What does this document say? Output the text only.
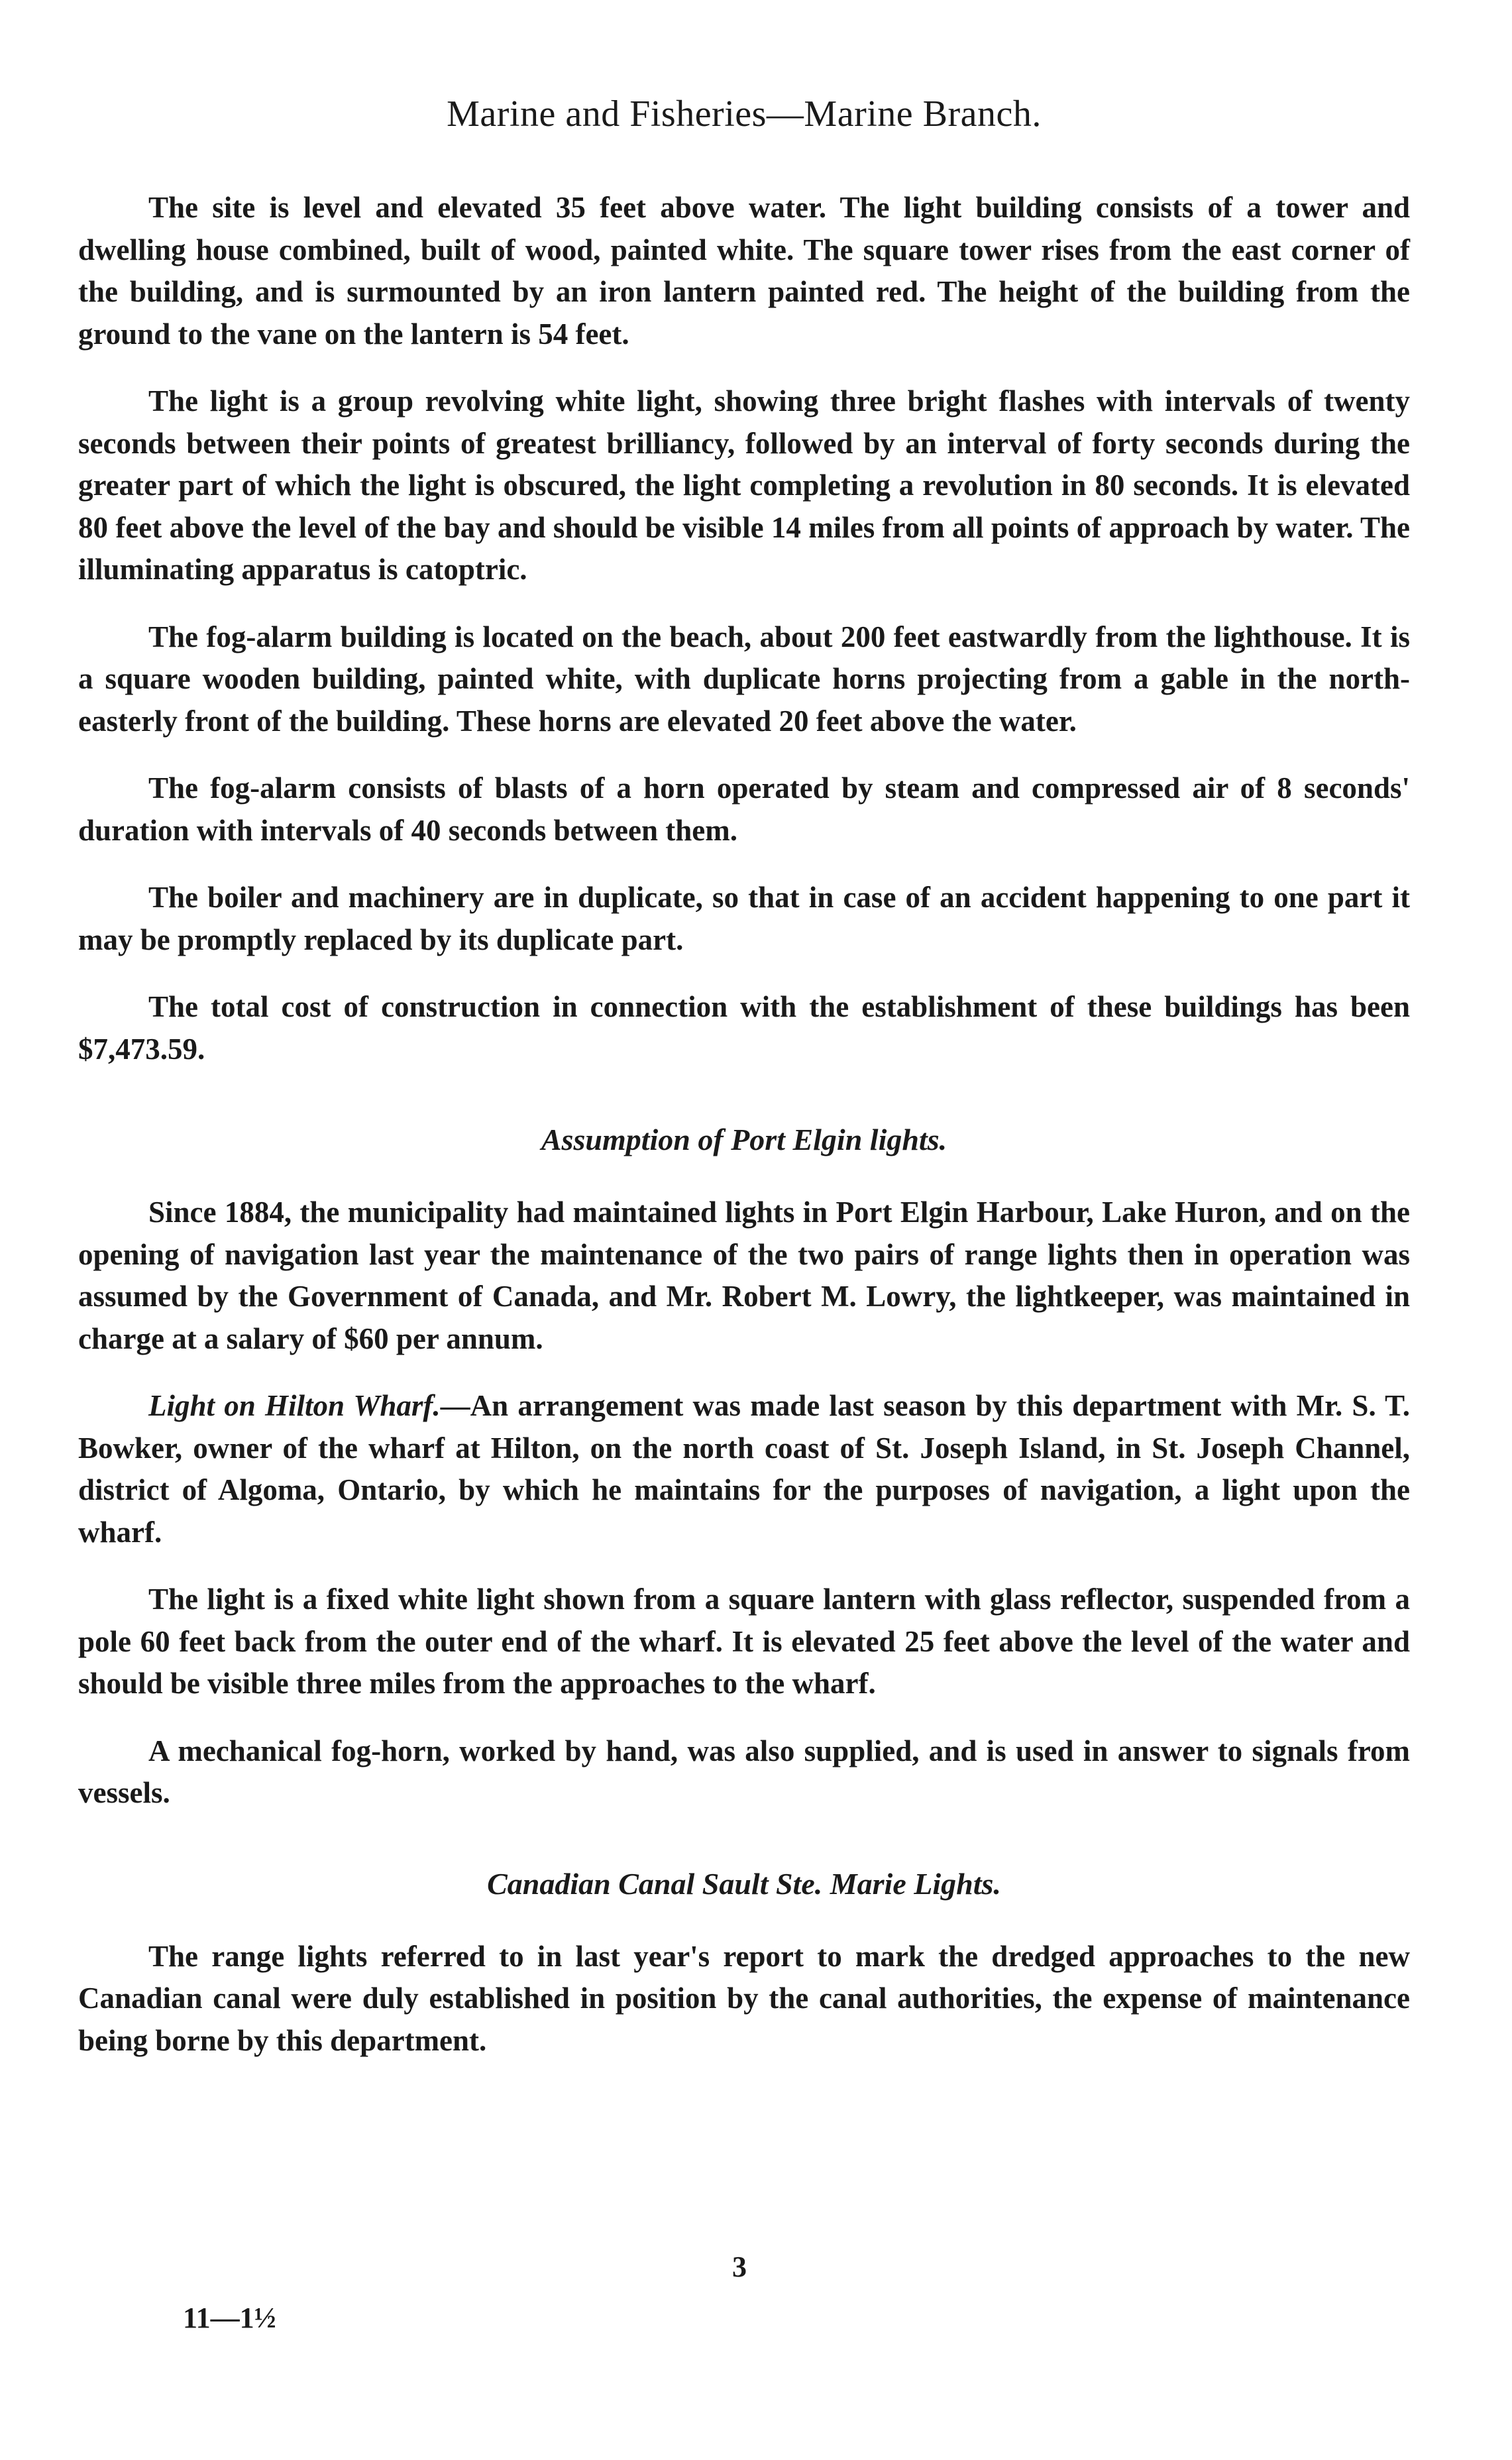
Marine and Fisheries—Marine Branch.

The site is level and elevated 35 feet above water. The light building consists of a tower and dwelling house combined, built of wood, painted white. The square tower rises from the east corner of the building, and is surmounted by an iron lantern painted red. The height of the building from the ground to the vane on the lantern is 54 feet.

The light is a group revolving white light, showing three bright flashes with intervals of twenty seconds between their points of greatest brilliancy, followed by an interval of forty seconds during the greater part of which the light is obscured, the light completing a revolution in 80 seconds. It is elevated 80 feet above the level of the bay and should be visible 14 miles from all points of approach by water. The illuminating apparatus is catoptric.

The fog-alarm building is located on the beach, about 200 feet eastwardly from the lighthouse. It is a square wooden building, painted white, with duplicate horns projecting from a gable in the north-easterly front of the building. These horns are elevated 20 feet above the water.

The fog-alarm consists of blasts of a horn operated by steam and compressed air of 8 seconds' duration with intervals of 40 seconds between them.

The boiler and machinery are in duplicate, so that in case of an accident happening to one part it may be promptly replaced by its duplicate part.

The total cost of construction in connection with the establishment of these buildings has been $7,473.59.

Assumption of Port Elgin lights.

Since 1884, the municipality had maintained lights in Port Elgin Harbour, Lake Huron, and on the opening of navigation last year the maintenance of the two pairs of range lights then in operation was assumed by the Government of Canada, and Mr. Robert M. Lowry, the lightkeeper, was maintained in charge at a salary of $60 per annum.

Light on Hilton Wharf.—An arrangement was made last season by this department with Mr. S. T. Bowker, owner of the wharf at Hilton, on the north coast of St. Joseph Island, in St. Joseph Channel, district of Algoma, Ontario, by which he maintains for the purposes of navigation, a light upon the wharf.

The light is a fixed white light shown from a square lantern with glass reflector, suspended from a pole 60 feet back from the outer end of the wharf. It is elevated 25 feet above the level of the water and should be visible three miles from the approaches to the wharf.

A mechanical fog-horn, worked by hand, was also supplied, and is used in answer to signals from vessels.

Canadian Canal Sault Ste. Marie Lights.

The range lights referred to in last year's report to mark the dredged approaches to the new Canadian canal were duly established in position by the canal authorities, the expense of maintenance being borne by this department.

3
11—1½
